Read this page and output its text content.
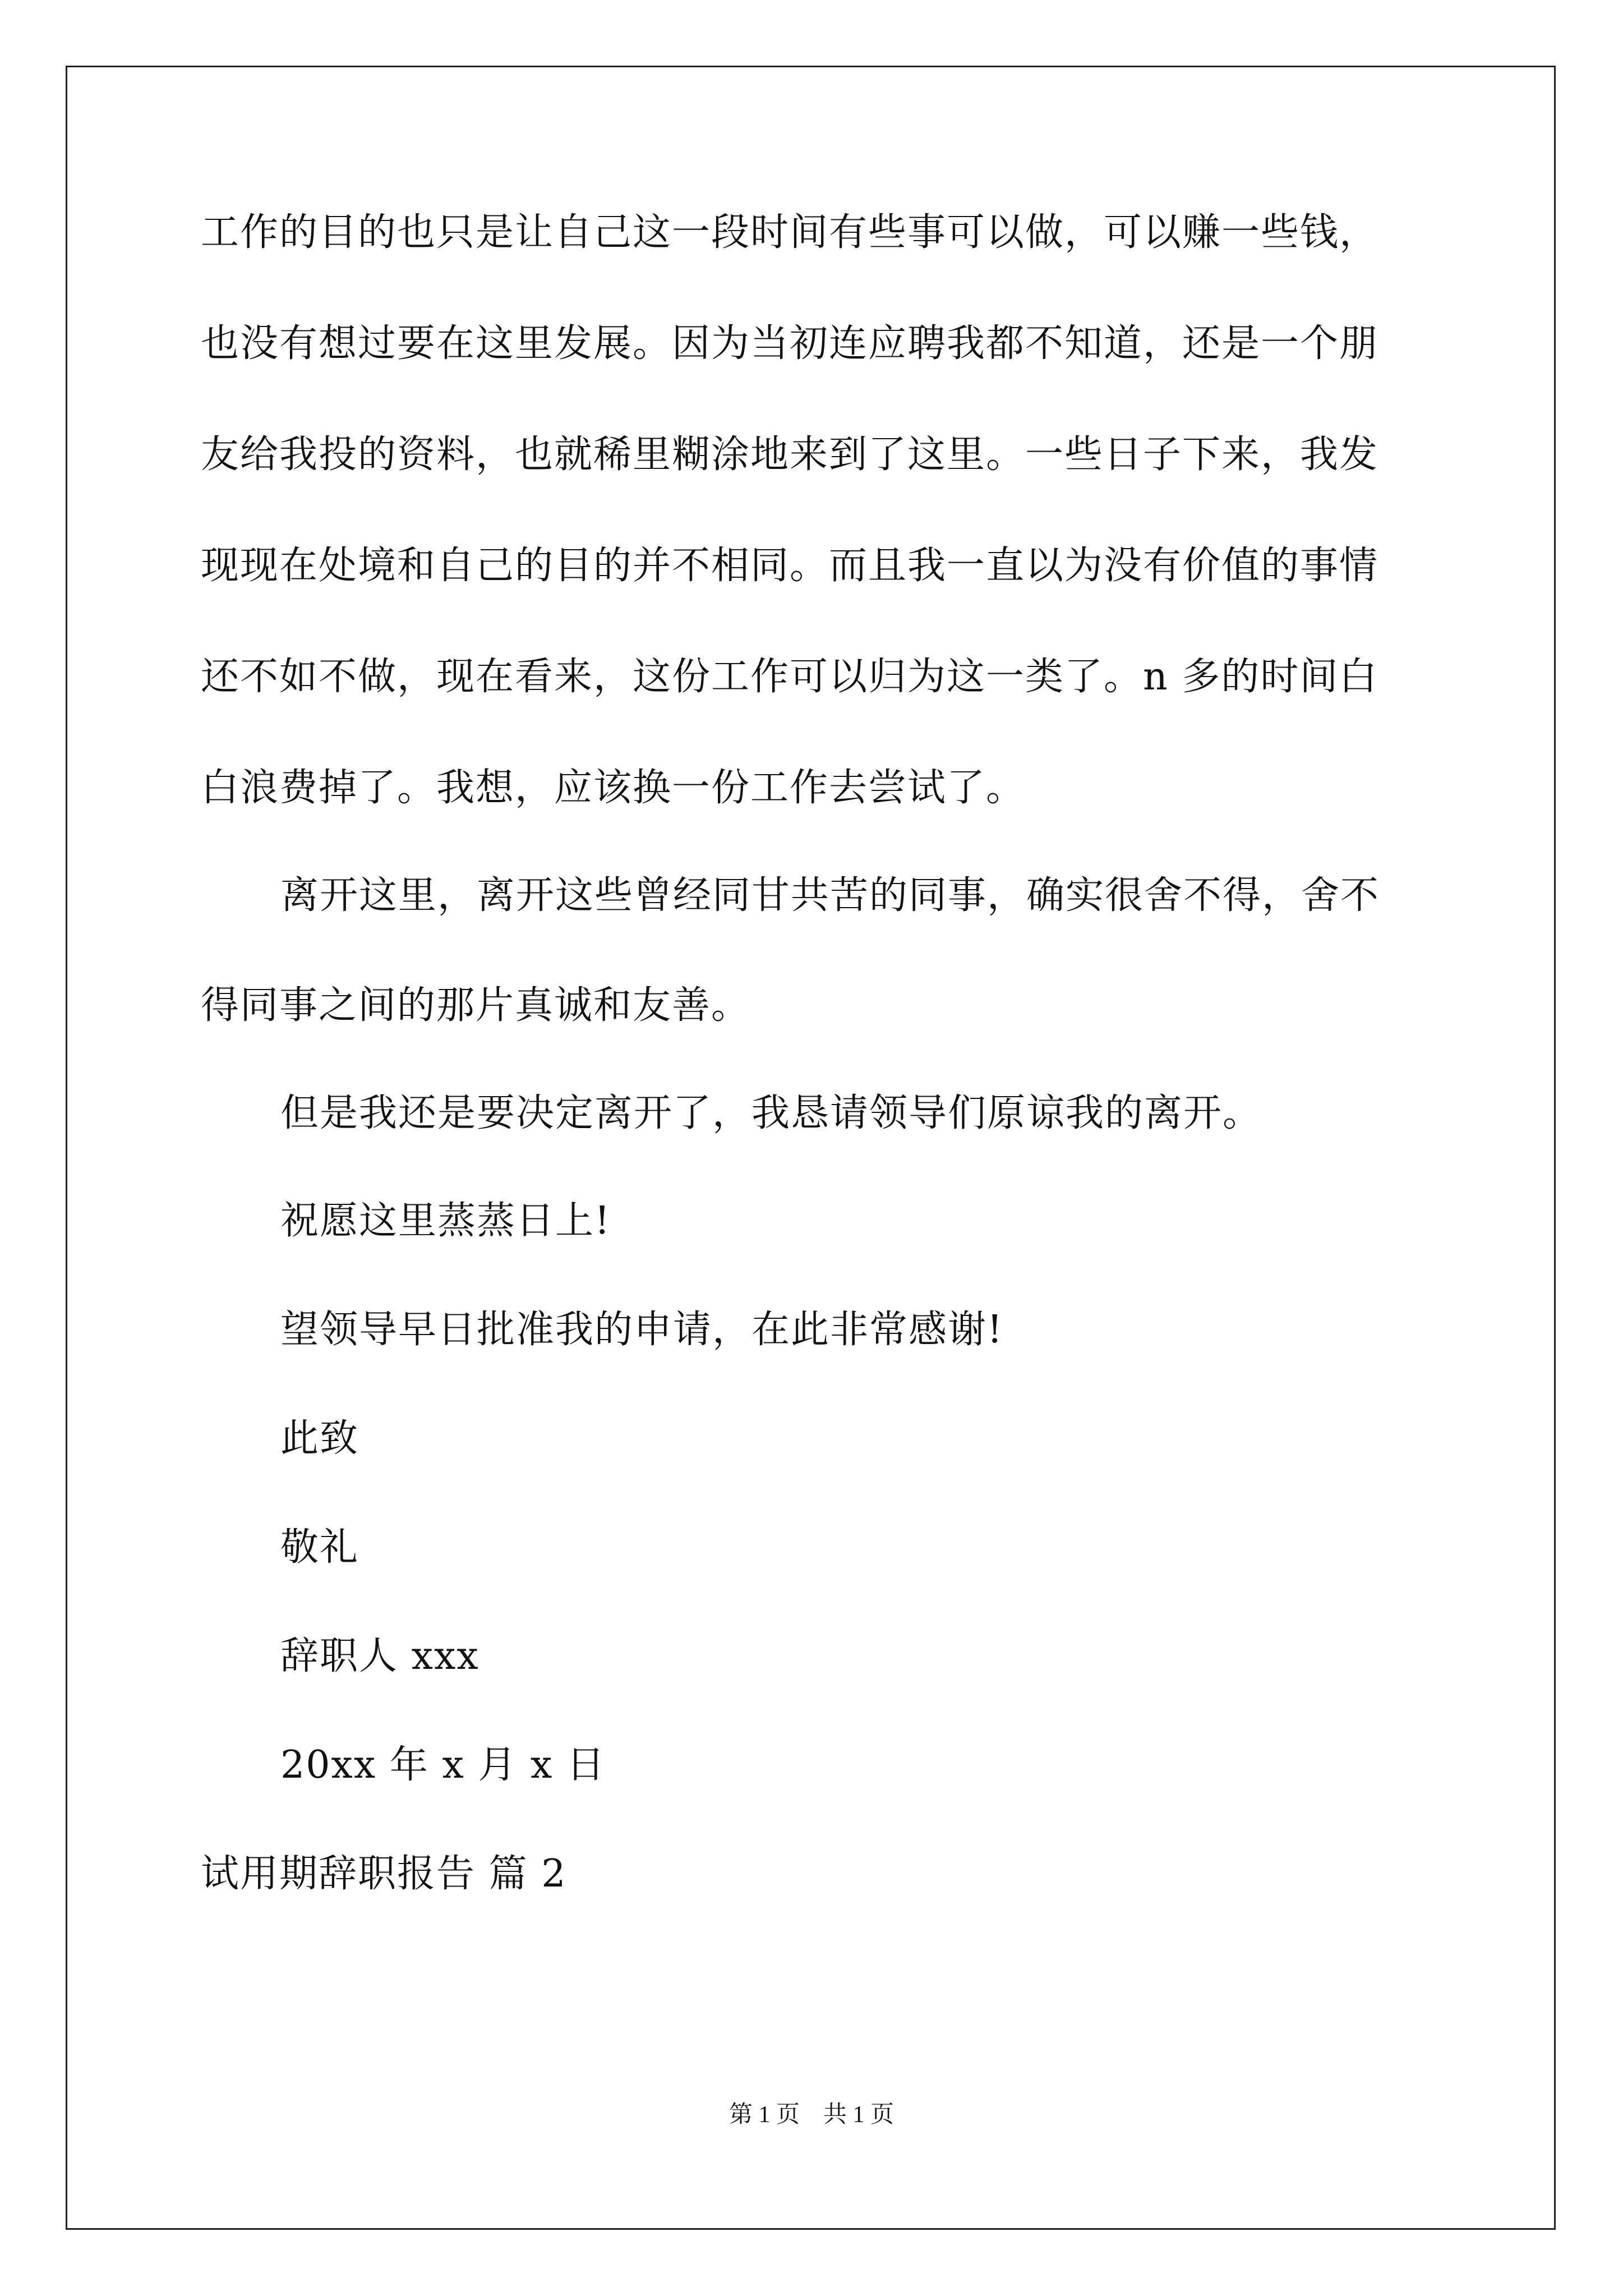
工作的目的也只是让自己这一段时间有些事可以做，可以赚一些钱，
也没有想过要在这里发展。因为当初连应聘我都不知道，还是一个朋
友给我投的资料，也就稀里糊涂地来到了这里。一些日子下来，我发
现现在处境和自己的目的并不相同。而且我一直以为没有价值的事情
还不如不做，现在看来，这份工作可以归为这一类了。n 多的时间白
白浪费掉了。我想，应该换一份工作去尝试了。
离开这里，离开这些曾经同甘共苦的同事，确实很舍不得，舍不
得同事之间的那片真诚和友善。
但是我还是要决定离开了，我恳请领导们原谅我的离开。
祝愿这里蒸蒸日上!
望领导早日批准我的申请，在此非常感谢!
此致
敬礼
辞职人 xxx
20xx 年 x 月 x 日
试用期辞职报告 篇 2
第 1 页　共 1 页
